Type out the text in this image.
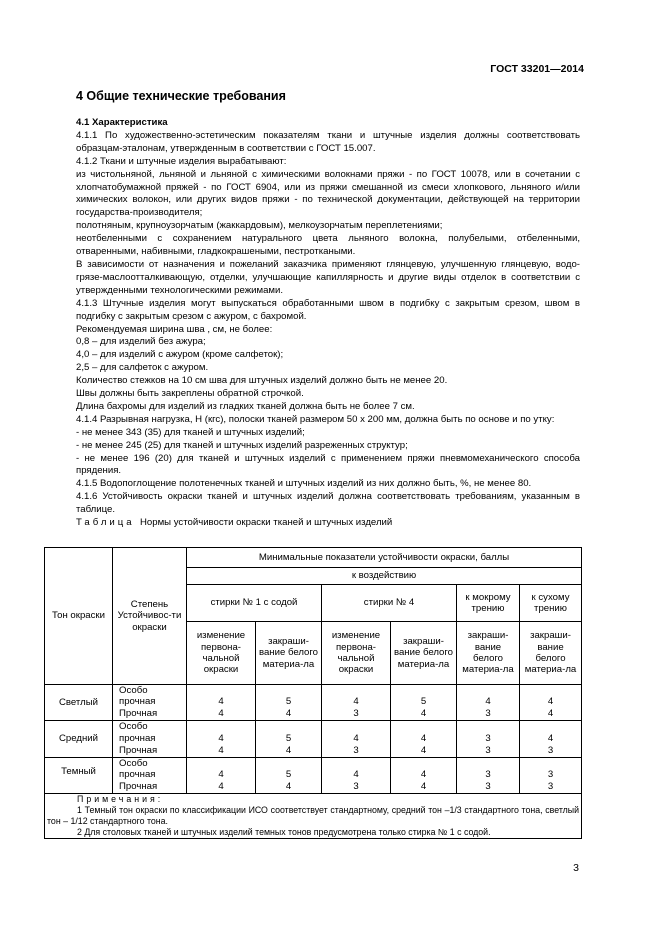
ГОСТ 33201—2014
4 Общие технические требования

4.1 Характеристика

4.1.1 По художественно-эстетическим показателям ткани и штучные изделия должны соответствовать образцам-эталонам, утвержденным в соответствии с ГОСТ 15.007.

4.1.2 Ткани и штучные изделия вырабатывают:

из чистольняной, льняной и льняной с химическими волокнами пряжи - по ГОСТ 10078, или в сочетании с хлопчатобумажной пряжей - по ГОСТ 6904, или из пряжи смешанной из смеси хлопкового, льняного и/или химических волокон, или других видов пряжи - по технической документации, действующей на территории государства-производителя;

полотняным, крупноузорчатым (жаккардовым), мелкоузорчатым переплетениями;

неотбеленными с сохранением натурального цвета льняного волокна, полубелыми, отбеленными, отваренными, набивными, гладкокрашеными, пестроткаными.

В зависимости от назначения и пожеланий заказчика применяют глянцевую, улучшенную глянцевую, водо-грязе-маслоотталкивающую, отделки, улучшающие капиллярность и другие виды отделок в соответствии с утвержденными технологическими режимами.

4.1.3 Штучные изделия могут выпускаться обработанными швом в подгибку с закрытым срезом, швом в подгибку с закрытым срезом с ажуром, с бахромой.

Рекомендуемая ширина шва , см, не более:

0,8 – для изделий без ажура;

4,0 – для изделий с ажуром (кроме салфеток);

2,5 – для салфеток с ажуром.

Количество стежков на 10 см шва для штучных изделий должно быть не менее 20.

Швы должны быть закреплены обратной строчкой.

Длина бахромы для изделий из гладких тканей должна быть не более 7 см.

4.1.4 Разрывная нагрузка, Н (кгс), полоски тканей размером 50 х 200 мм, должна быть по основе и по утку:

- не менее 343 (35) для тканей и штучных изделий;

- не менее 245 (25) для тканей и штучных изделий разреженных структур;

- не менее 196 (20) для тканей и штучных изделий с применением пряжи пневмомеханического способа прядения.

4.1.5 Водопоглощение полотенечных тканей и штучных изделий из них должно быть, %, не менее 80.

4.1.6 Устойчивость окраски тканей и штучных изделий должна соответствовать требованиям, указанным в таблице.

Таблица Нормы устойчивости окраски тканей и штучных изделий

Тон окраски	Степень Устойчивос-ти окраски	Минимальные показатели устойчивости окраски, баллы					
		к воздействию					
		стирки № 1 с содой		стирки № 4		к мокрому трению	к сухому трению
		изменение первона-чальной окраски	закраши-вание белого материа-ла	изменение первона-чальной окраски	закраши-вание белого материа-ла	закраши-вание белого материа-ла	закраши-вание белого материа-ла
Светлый	Особо прочная	4	5	4	5	4	4
	Прочная	4	4	3	4	3	4
Средний	Особо прочная	4	5	4	4	3	4
	Прочная	4	4	3	4	3	3
Темный	Особо прочная	4	5	4	4	3	3
	Прочная	4	4	3	4	3	3

Примечания:
1 Темный тон окраски по классификации ИСО соответствует стандартному, средний тон –1/3 стандартного тона, светлый тон – 1/12 стандартного тона.
2 Для столовых тканей и штучных изделий темных тонов предусмотрена только стирка № 1 с содой.							
3
